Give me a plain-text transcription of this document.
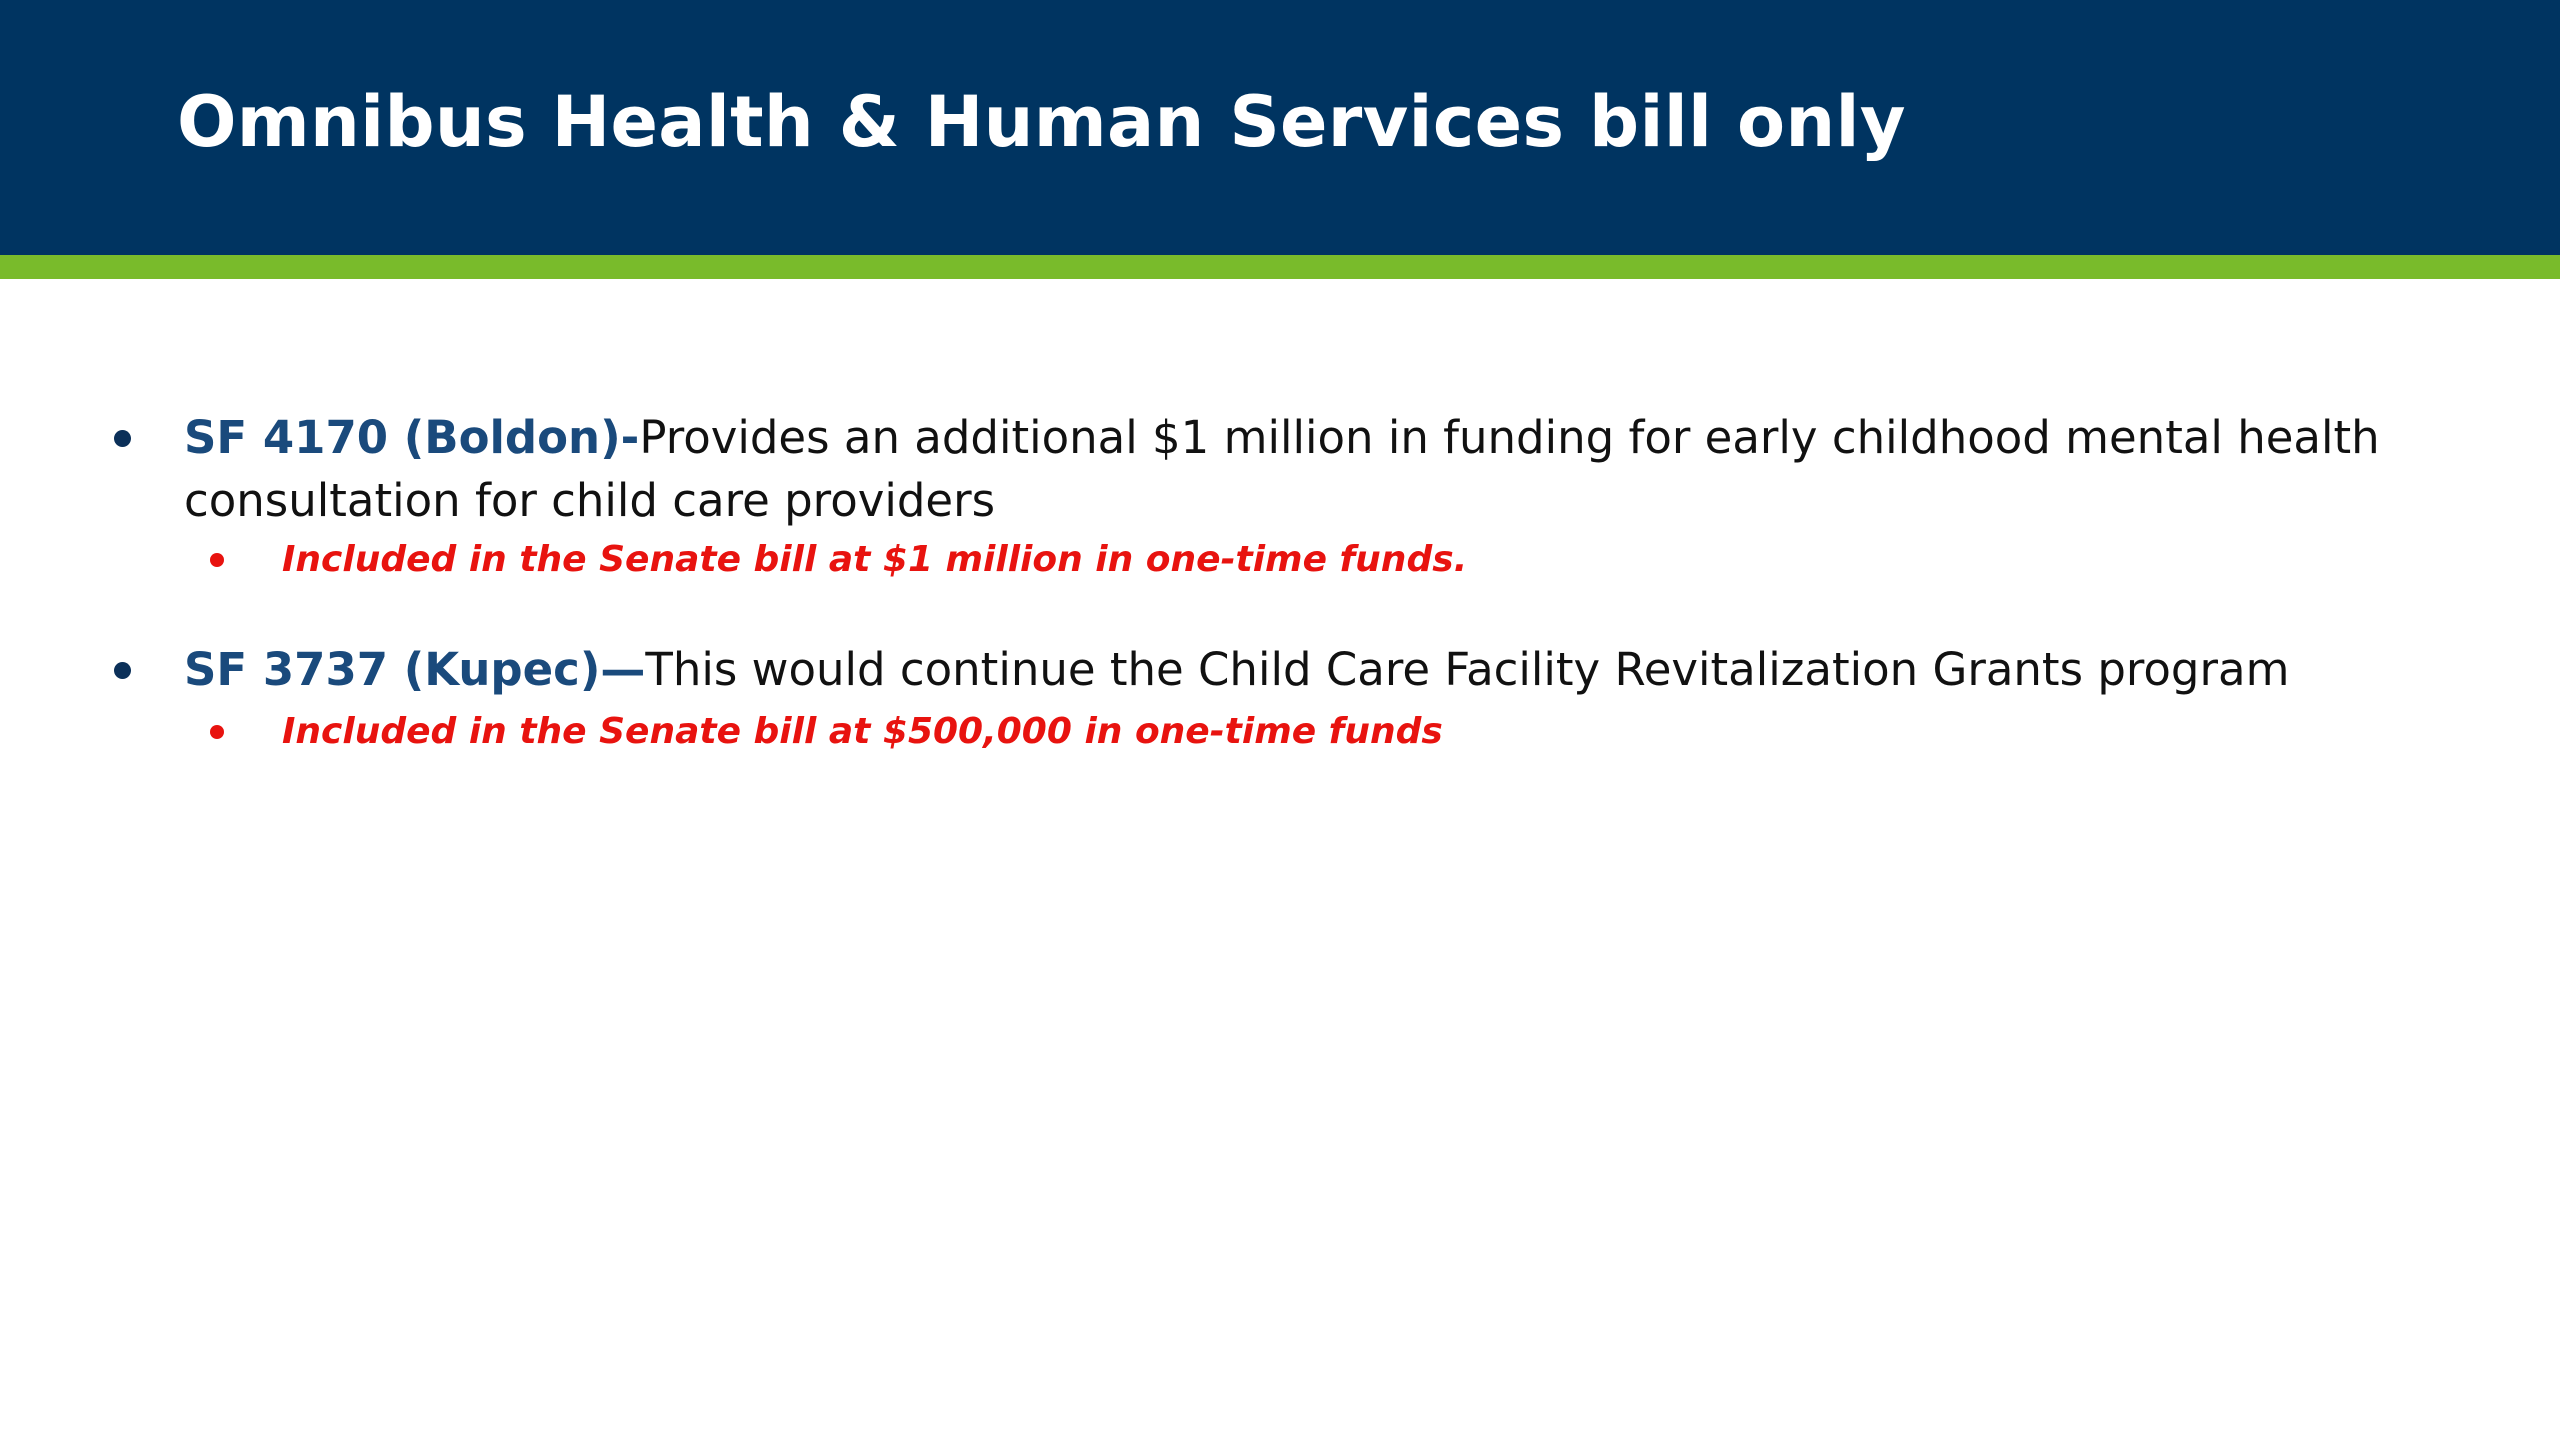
Omnibus Health & Human Services bill only

SF 4170 (Boldon)-Provides an additional $1 million in funding for early childhood mental health consultation for child care providers

Included in the Senate bill at $1 million in one-time funds.

SF 3737 (Kupec)—This would continue the Child Care Facility Revitalization Grants program

Included in the Senate bill at $500,000 in one-time funds
